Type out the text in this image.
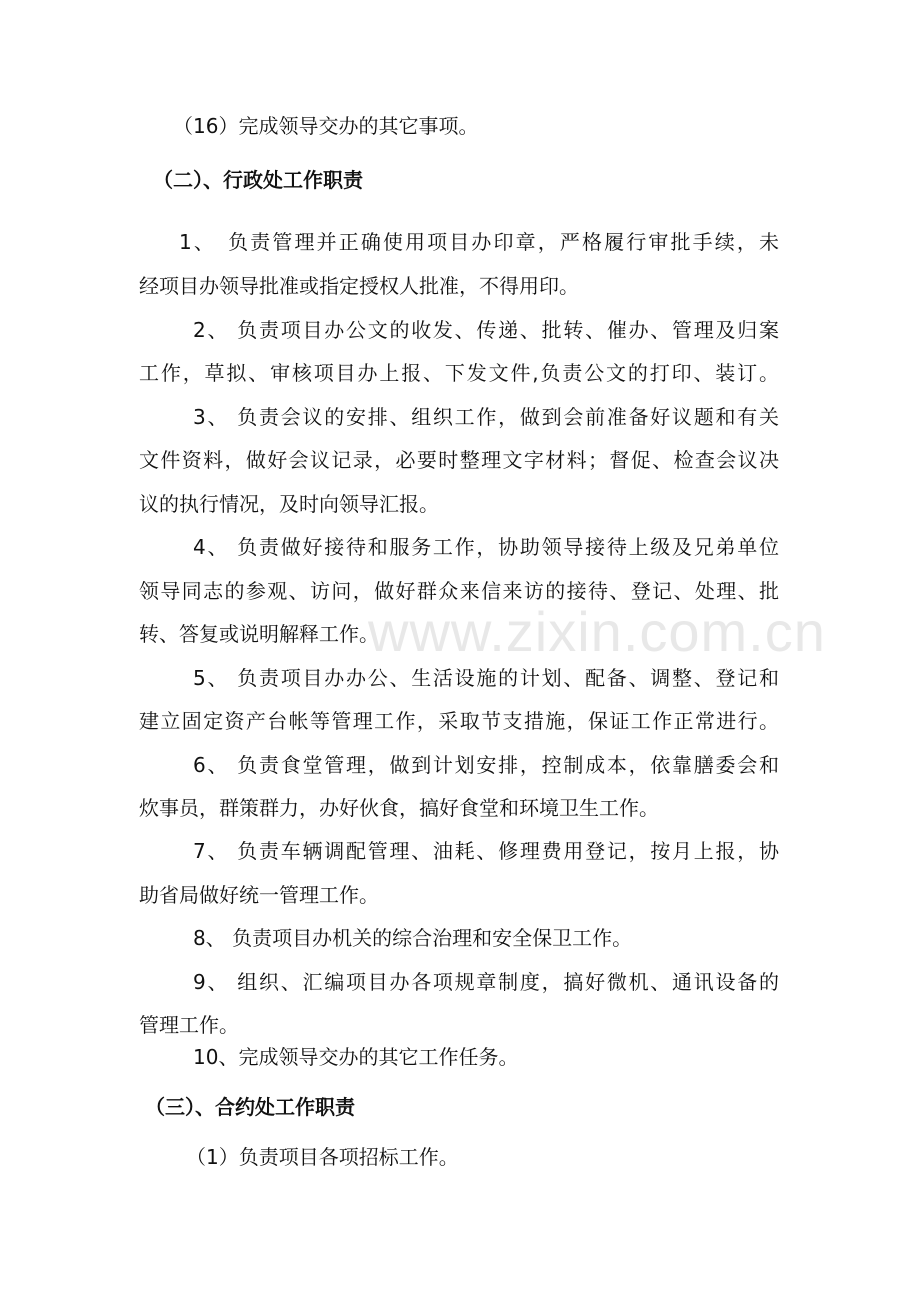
www.zixin.com.cn
（16）完成领导交办的其它事项。
（二）、行政处工作职责
1、　负责管理并正确使用项目办印章，严格履行审批手续，未
经项目办领导批准或指定授权人批准，不得用印。
2、 负责项目办公文的收发、传递、批转、催办、管理及归案
工作，草拟、审核项目办上报、下发文件,负责公文的打印、装订。
3、 负责会议的安排、组织工作，做到会前准备好议题和有关
文件资料，做好会议记录，必要时整理文字材料；督促、检查会议决
议的执行情况，及时向领导汇报。
4、 负责做好接待和服务工作，协助领导接待上级及兄弟单位
领导同志的参观、访问，做好群众来信来访的接待、登记、处理、批
转、答复或说明解释工作。
5、 负责项目办办公、生活设施的计划、配备、调整、登记和
建立固定资产台帐等管理工作，采取节支措施，保证工作正常进行。
6、 负责食堂管理，做到计划安排，控制成本，依靠膳委会和
炊事员，群策群力，办好伙食，搞好食堂和环境卫生工作。
7、 负责车辆调配管理、油耗、修理费用登记，按月上报，协
助省局做好统一管理工作。
8、 负责项目办机关的综合治理和安全保卫工作。
9、 组织、汇编项目办各项规章制度，搞好微机、通讯设备的
管理工作。
10、完成领导交办的其它工作任务。
（三）、合约处工作职责
（1）负责项目各项招标工作。
